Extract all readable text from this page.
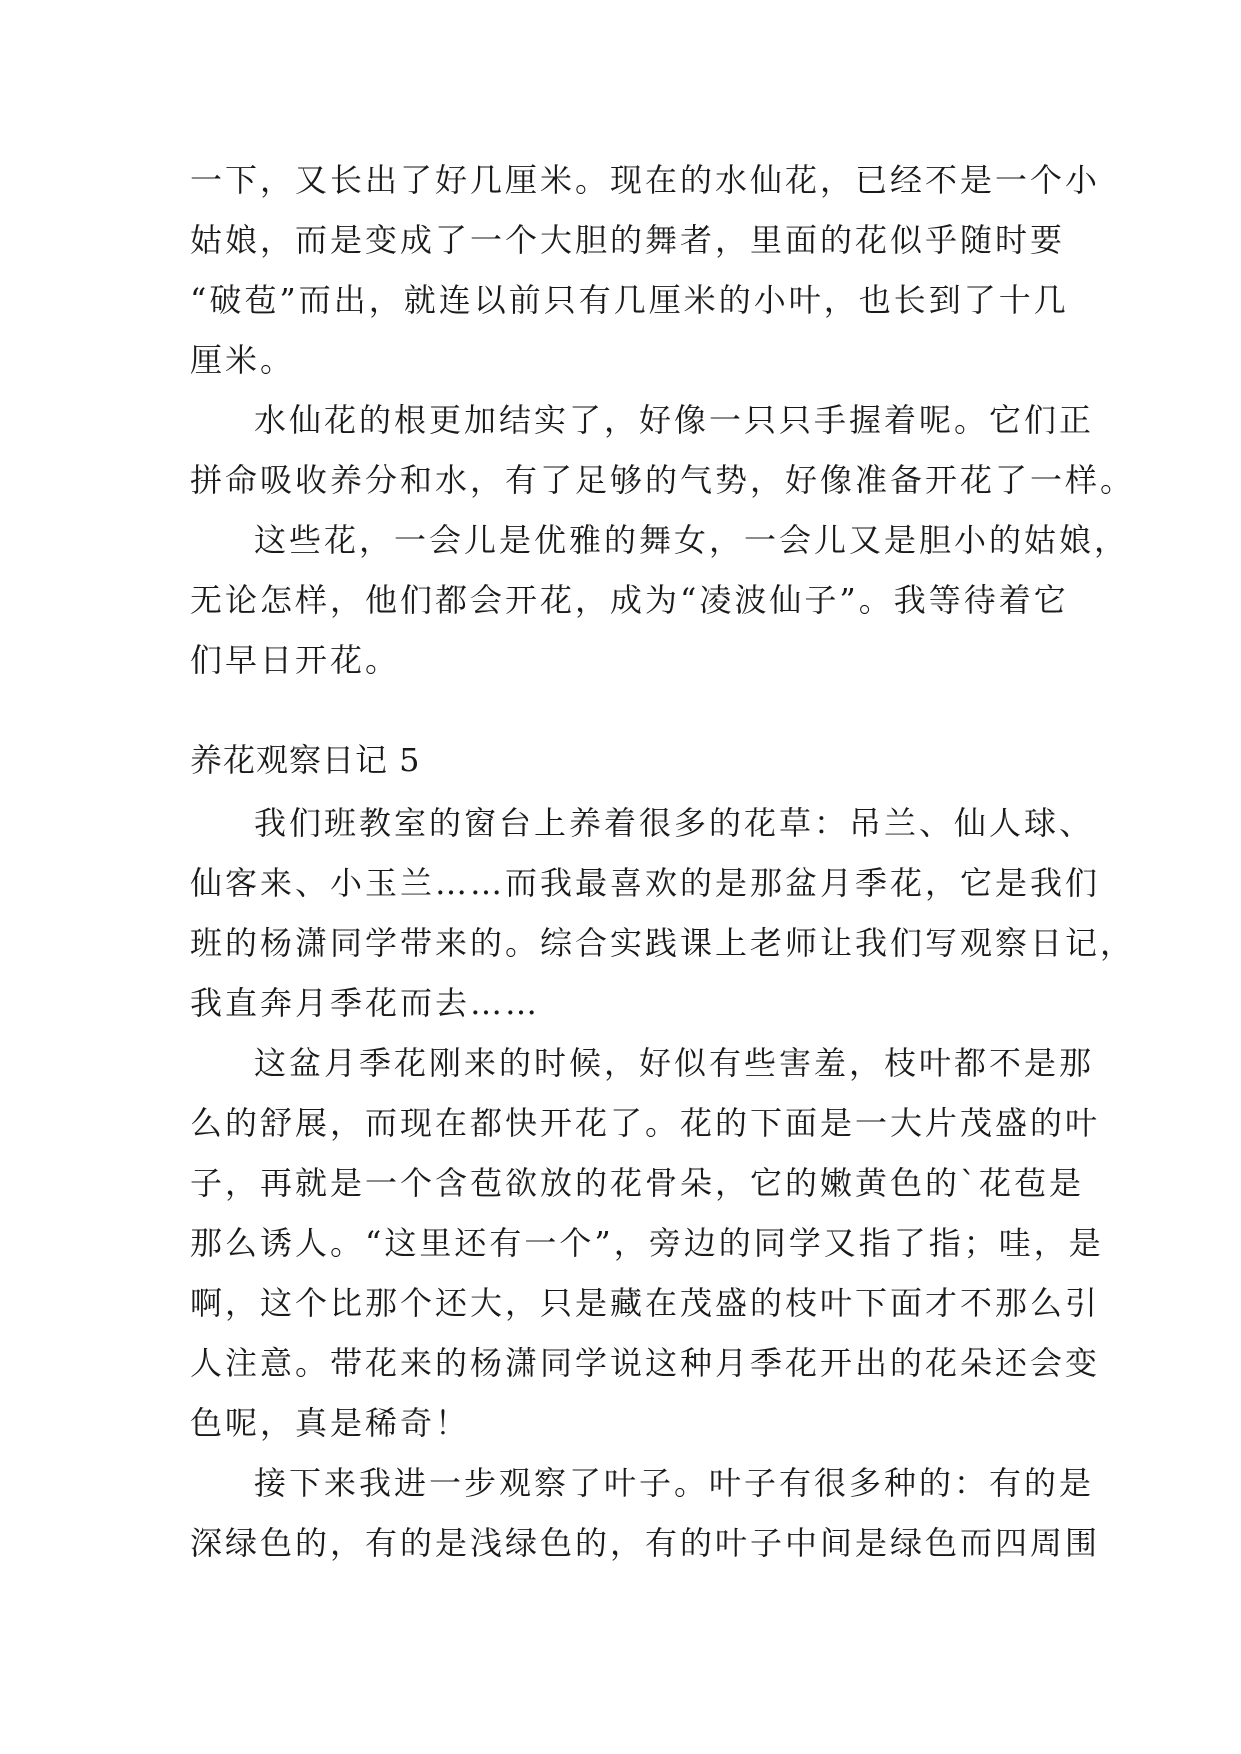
一下，又长出了好几厘米。现在的水仙花，已经不是一个小
姑娘，而是变成了一个大胆的舞者，里面的花似乎随时要
“破苞”而出，就连以前只有几厘米的小叶，也长到了十几
厘米。
水仙花的根更加结实了，好像一只只手握着呢。它们正
拼命吸收养分和水，有了足够的气势，好像准备开花了一样。
这些花，一会儿是优雅的舞女，一会儿又是胆小的姑娘，
无论怎样，他们都会开花，成为“凌波仙子”。我等待着它
们早日开花。
养花观察日记 5
我们班教室的窗台上养着很多的花草：吊兰、仙人球、
仙客来、小玉兰……而我最喜欢的是那盆月季花，它是我们
班的杨潇同学带来的。综合实践课上老师让我们写观察日记，
我直奔月季花而去……
这盆月季花刚来的时候，好似有些害羞，枝叶都不是那
么的舒展，而现在都快开花了。花的下面是一大片茂盛的叶
子，再就是一个含苞欲放的花骨朵，它的嫩黄色的`花苞是
那么诱人。“这里还有一个”，旁边的同学又指了指；哇，是
啊，这个比那个还大，只是藏在茂盛的枝叶下面才不那么引
人注意。带花来的杨潇同学说这种月季花开出的花朵还会变
色呢，真是稀奇！
接下来我进一步观察了叶子。叶子有很多种的：有的是
深绿色的，有的是浅绿色的，有的叶子中间是绿色而四周围
